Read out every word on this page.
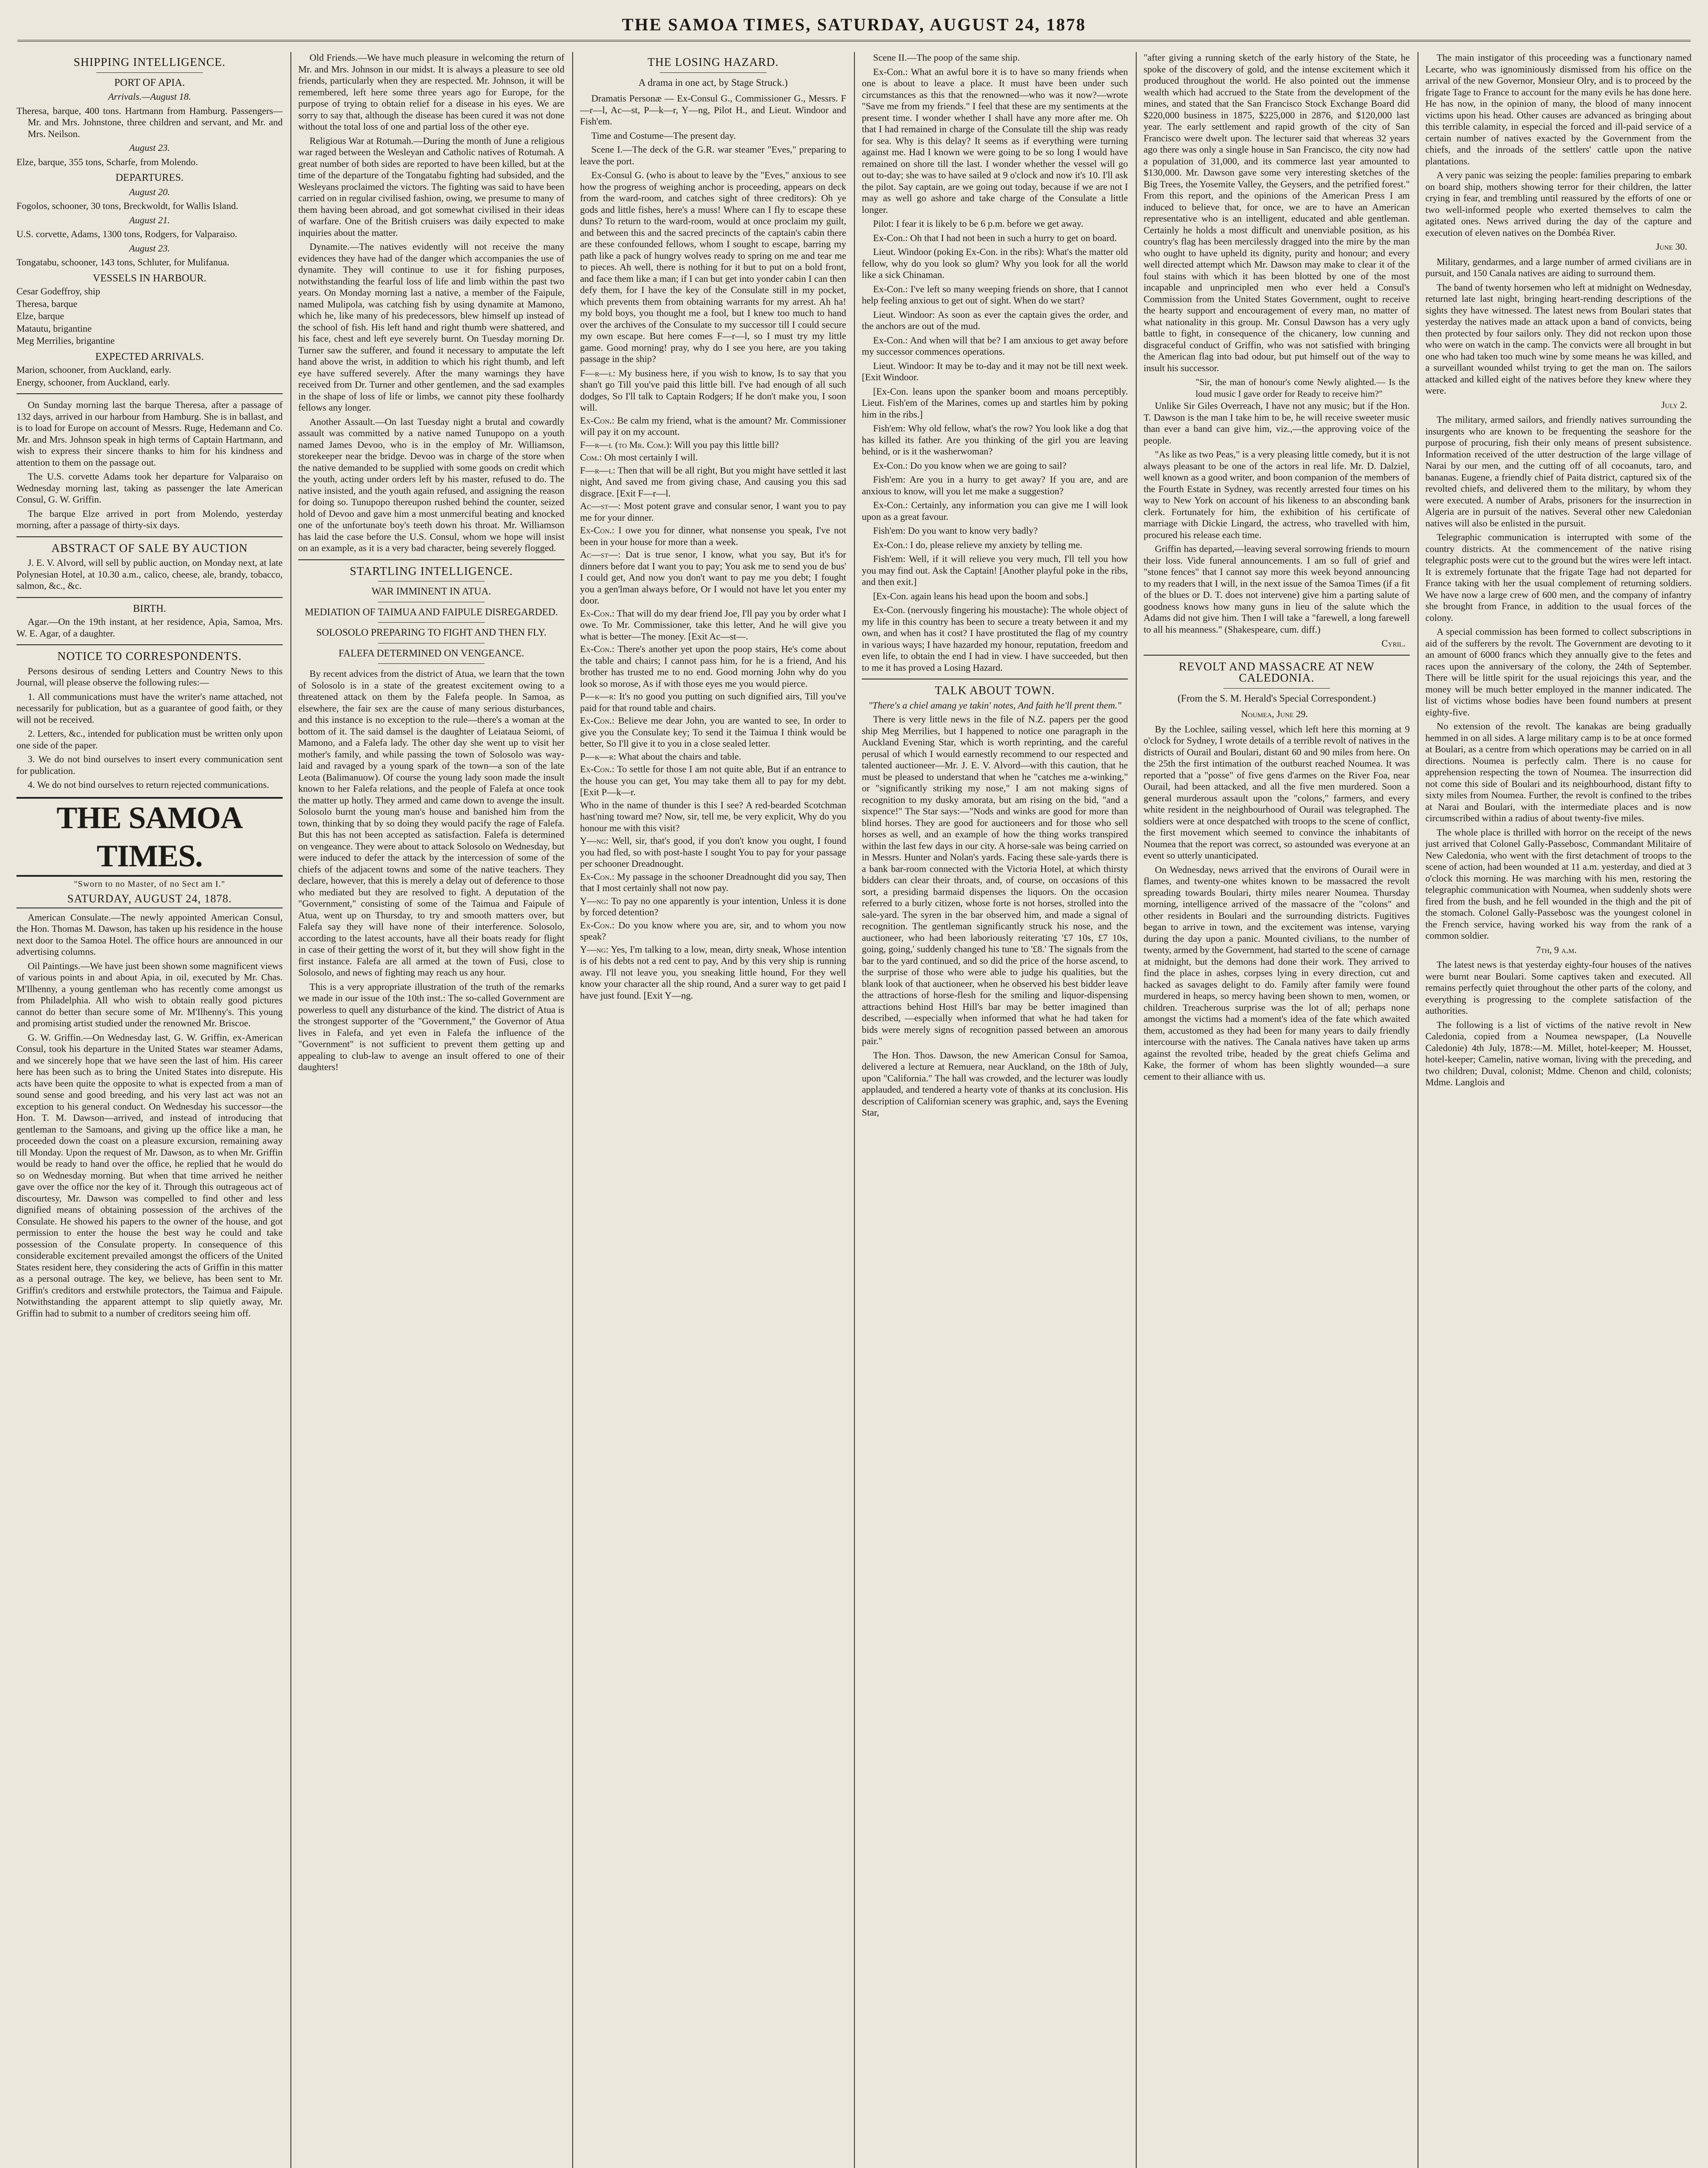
THE SAMOA TIMES, SATURDAY, AUGUST 24, 1878
SHIPPING INTELLIGENCE.
PORT OF APIA.
Arrivals.—August 18.

Theresa, barque, 400 tons. Hartmann from Hamburg. Passengers—Mr. and Mrs. Johnstone, three children and servant, and Mr. and Mrs. Neilson.

August 23.

Elze, barque, 355 tons, Scharfe, from Molendo.

DEPARTURES.
August 20.

Fogolos, schooner, 30 tons, Breckwoldt, for Wallis Island.

August 21.

U.S. corvette, Adams, 1300 tons, Rodgers, for Valparaiso.

August 23.

Tongatabu, schooner, 143 tons, Schluter, for Mulifanua.

VESSELS IN HARBOUR.

Cesar Godeffroy, ship

Theresa, barque

Elze, barque

Matautu, brigantine

Meg Merrilies, brigantine

EXPECTED ARRIVALS.

Marion, schooner, from Auckland, early.

Energy, schooner, from Auckland, early.

On Sunday morning last the barque Theresa, after a passage of 132 days, arrived in our harbour from Hamburg. She is in ballast, and is to load for Europe on account of Messrs. Ruge, Hedemann and Co. Mr. and Mrs. Johnson speak in high terms of Captain Hartmann, and wish to express their sincere thanks to him for his kindness and attention to them on the passage out.

The U.S. corvette Adams took her departure for Valparaiso on Wednesday morning last, taking as passenger the late American Consul, G. W. Griffin.

The barque Elze arrived in port from Molendo, yesterday morning, after a passage of thirty-six days.

ABSTRACT OF SALE BY AUCTION

J. E. V. Alvord, will sell by public auction, on Monday next, at late Polynesian Hotel, at 10.30 a.m., calico, cheese, ale, brandy, tobacco, salmon, &c., &c.

BIRTH.

Agar.—On the 19th instant, at her residence, Apia, Samoa, Mrs. W. E. Agar, of a daughter.

NOTICE TO CORRESPONDENTS.

Persons desirous of sending Letters and Country News to this Journal, will please observe the following rules:—

1. All communications must have the writer's name attached, not necessarily for publication, but as a guarantee of good faith, or they will not be received.

2. Letters, &c., intended for publication must be written only upon one side of the paper.

3. We do not bind ourselves to insert every communication sent for publication.

4. We do not bind ourselves to return rejected communications.

THE SAMOA TIMES.
"Sworn to no Master, of no Sect am I."
SATURDAY, AUGUST 24, 1878.

American Consulate.—The newly appointed American Consul, the Hon. Thomas M. Dawson, has taken up his residence in the house next door to the Samoa Hotel. The office hours are announced in our advertising columns.

Oil Paintings.—We have just been shown some magnificent views of various points in and about Apia, in oil, executed by Mr. Chas. M'Ilhenny, a young gentleman who has recently come amongst us from Philadelphia. All who wish to obtain really good pictures cannot do better than secure some of Mr. M'Ilhenny's. This young and promising artist studied under the renowned Mr. Briscoe.

G. W. Griffin.—On Wednesday last, G. W. Griffin, ex-American Consul, took his departure in the United States war steamer Adams, and we sincerely hope that we have seen the last of him. His career here has been such as to bring the United States into disrepute. His acts have been quite the opposite to what is expected from a man of sound sense and good breeding, and his very last act was not an exception to his general conduct. On Wednesday his successor—the Hon. T. M. Dawson—arrived, and instead of introducing that gentleman to the Samoans, and giving up the office like a man, he proceeded down the coast on a pleasure excursion, remaining away till Monday. Upon the request of Mr. Dawson, as to when Mr. Griffin would be ready to hand over the office, he replied that he would do so on Wednesday morning. But when that time arrived he neither gave over the office nor the key of it. Through this outrageous act of discourtesy, Mr. Dawson was compelled to find other and less dignified means of obtaining possession of the archives of the Consulate. He showed his papers to the owner of the house, and got permission to enter the house the best way he could and take possession of the Consulate property. In consequence of this considerable excitement prevailed amongst the officers of the United States resident here, they considering the acts of Griffin in this matter as a personal outrage. The key, we believe, has been sent to Mr. Griffin's creditors and erstwhile protectors, the Taimua and Faipule. Notwithstanding the apparent attempt to slip quietly away, Mr. Griffin had to submit to a number of creditors seeing him off.

Old Friends.—We have much pleasure in welcoming the return of Mr. and Mrs. Johnson in our midst. It is always a pleasure to see old friends, particularly when they are respected. Mr. Johnson, it will be remembered, left here some three years ago for Europe, for the purpose of trying to obtain relief for a disease in his eyes. We are sorry to say that, although the disease has been cured it was not done without the total loss of one and partial loss of the other eye.

Religious War at Rotumah.—During the month of June a religious war raged between the Wesleyan and Catholic natives of Rotumah. A great number of both sides are reported to have been killed, but at the time of the departure of the Tongatabu fighting had subsided, and the Wesleyans proclaimed the victors. The fighting was said to have been carried on in regular civilised fashion, owing, we presume to many of them having been abroad, and got somewhat civilised in their ideas of warfare. One of the British cruisers was daily expected to make inquiries about the matter.

Dynamite.—The natives evidently will not receive the many evidences they have had of the danger which accompanies the use of dynamite. They will continue to use it for fishing purposes, notwithstanding the fearful loss of life and limb within the past two years. On Monday morning last a native, a member of the Faipule, named Mulipola, was catching fish by using dynamite at Mamono, which he, like many of his predecessors, blew himself up instead of the school of fish. His left hand and right thumb were shattered, and his face, chest and left eye severely burnt. On Tuesday morning Dr. Turner saw the sufferer, and found it necessary to amputate the left hand above the wrist, in addition to which his right thumb, and left eye have suffered severely. After the many warnings they have received from Dr. Turner and other gentlemen, and the sad examples in the shape of loss of life or limbs, we cannot pity these foolhardy fellows any longer.

Another Assault.—On last Tuesday night a brutal and cowardly assault was committed by a native named Tunupopo on a youth named James Devoo, who is in the employ of Mr. Williamson, storekeeper near the bridge. Devoo was in charge of the store when the native demanded to be supplied with some goods on credit which the youth, acting under orders left by his master, refused to do. The native insisted, and the youth again refused, and assigning the reason for doing so. Tunupopo thereupon rushed behind the counter, seized hold of Devoo and gave him a most unmerciful beating and knocked one of the unfortunate boy's teeth down his throat. Mr. Williamson has laid the case before the U.S. Consul, whom we hope will insist on an example, as it is a very bad character, being severely flogged.

STARTLING INTELLIGENCE.
WAR IMMINENT IN ATUA.
MEDIATION OF TAIMUA AND FAIPULE DISREGARDED.
SOLOSOLO PREPARING TO FIGHT AND THEN FLY.
FALEFA DETERMINED ON VENGEANCE.

By recent advices from the district of Atua, we learn that the town of Solosolo is in a state of the greatest excitement owing to a threatened attack on them by the Falefa people. In Samoa, as elsewhere, the fair sex are the cause of many serious disturbances, and this instance is no exception to the rule—there's a woman at the bottom of it. The said damsel is the daughter of Leiataua Seiomi, of Mamono, and a Falefa lady. The other day she went up to visit her mother's family, and while passing the town of Solosolo was way-laid and ravaged by a young spark of the town—a son of the late Leota (Balimanuow). Of course the young lady soon made the insult known to her Falefa relations, and the people of Falefa at once took the matter up hotly. They armed and came down to avenge the insult. Solosolo burnt the young man's house and banished him from the town, thinking that by so doing they would pacify the rage of Falefa. But this has not been accepted as satisfaction. Falefa is determined on vengeance. They were about to attack Solosolo on Wednesday, but were induced to defer the attack by the intercession of some of the chiefs of the adjacent towns and some of the native teachers. They declare, however, that this is merely a delay out of deference to those who mediated but they are resolved to fight. A deputation of the "Government," consisting of some of the Taimua and Faipule of Atua, went up on Thursday, to try and smooth matters over, but Falefa say they will have none of their interference. Solosolo, according to the latest accounts, have all their boats ready for flight in case of their getting the worst of it, but they will show fight in the first instance. Falefa are all armed at the town of Fusi, close to Solosolo, and news of fighting may reach us any hour.

This is a very appropriate illustration of the truth of the remarks we made in our issue of the 10th inst.: The so-called Government are powerless to quell any disturbance of the kind. The district of Atua is the strongest supporter of the "Government," the Governor of Atua lives in Falefa, and yet even in Falefa the influence of the "Government" is not sufficient to prevent them getting up and appealing to club-law to avenge an insult offered to one of their daughters!

THE LOSING HAZARD.
A drama in one act, by Stage Struck.)

Dramatis Personæ — Ex-Consul G., Commissioner G., Messrs. F—r—l, Ac—st, P—k—r, Y—ng, Pilot H., and Lieut. Windoor and Fish'em.

Time and Costume—The present day.

Scene I.—The deck of the G.R. war steamer "Eves," preparing to leave the port.

Ex-Consul G. (who is about to leave by the "Eves," anxious to see how the progress of weighing anchor is proceeding, appears on deck from the ward-room, and catches sight of three creditors): Oh ye gods and little fishes, here's a muss! Where can I fly to escape these duns? To return to the ward-room, would at once proclaim my guilt, and between this and the sacred precincts of the captain's cabin there are these confounded fellows, whom I sought to escape, barring my path like a pack of hungry wolves ready to spring on me and tear me to pieces. Ah well, there is nothing for it but to put on a bold front, and face them like a man; if I can but get into yonder cabin I can then defy them, for I have the key of the Consulate still in my pocket, which prevents them from obtaining warrants for my arrest. Ah ha! my bold boys, you thought me a fool, but I knew too much to hand over the archives of the Consulate to my successor till I could secure my own escape. But here comes F—r—l, so I must try my little game. Good morning! pray, why do I see you here, are you taking passage in the ship?

F—r—l: My business here, if you wish to know, Is to say that you shan't go Till you've paid this little bill. I've had enough of all such dodges, So I'll talk to Captain Rodgers; If he don't make you, I soon will.

Ex-Con.: Be calm my friend, what is the amount? Mr. Commissioner will pay it on my account.

F—r—l (to Mr. Com.): Will you pay this little bill?

Com.: Oh most certainly I will.

F—r—l: Then that will be all right, But you might have settled it last night, And saved me from giving chase, And causing you this sad disgrace. [Exit F—r—l.

Ac—st—: Most potent grave and consular senor, I want you to pay me for your dinner.

Ex-Con.: I owe you for dinner, what nonsense you speak, I've not been in your house for more than a week.

Ac—st—: Dat is true senor, I know, what you say, But it's for dinners before dat I want you to pay; You ask me to send you de bus' I could get, And now you don't want to pay me you debt; I fought you a gen'lman always before, Or I would not have let you enter my door.

Ex-Con.: That will do my dear friend Joe, I'll pay you by order what I owe. To Mr. Commissioner, take this letter, And he will give you what is better—The money. [Exit Ac—st—.

Ex-Con.: There's another yet upon the poop stairs, He's come about the table and chairs; I cannot pass him, for he is a friend, And his brother has trusted me to no end. Good morning John why do you look so morose, As if with those eyes me you would pierce.

P—k—r: It's no good you putting on such dignified airs, Till you've paid for that round table and chairs.

Ex-Con.: Believe me dear John, you are wanted to see, In order to give you the Consulate key; To send it the Taimua I think would be better, So I'll give it to you in a close sealed letter.

P—k—r: What about the chairs and table.

Ex-Con.: To settle for those I am not quite able, But if an entrance to the house you can get, You may take them all to pay for my debt. [Exit P—k—r.

Who in the name of thunder is this I see? A red-bearded Scotchman hast'ning toward me? Now, sir, tell me, be very explicit, Why do you honour me with this visit?

Y—ng: Well, sir, that's good, if you don't know you ought, I found you had fled, so with post-haste I sought You to pay for your passage per schooner Dreadnought.

Ex-Con.: My passage in the schooner Dreadnought did you say, Then that I most certainly shall not now pay.

Y—ng: To pay no one apparently is your intention, Unless it is done by forced detention?

Ex-Con.: Do you know where you are, sir, and to whom you now speak?

Y—ng: Yes, I'm talking to a low, mean, dirty sneak, Whose intention is of his debts not a red cent to pay, And by this very ship is running away. I'll not leave you, you sneaking little hound, For they well know your character all the ship round, And a surer way to get paid I have just found. [Exit Y—ng.

Scene II.—The poop of the same ship.

Ex-Con.: What an awful bore it is to have so many friends when one is about to leave a place. It must have been under such circumstances as this that the renowned—who was it now?—wrote "Save me from my friends." I feel that these are my sentiments at the present time. I wonder whether I shall have any more after me. Oh that I had remained in charge of the Consulate till the ship was ready for sea. Why is this delay? It seems as if everything were turning against me. Had I known we were going to be so long I would have remained on shore till the last. I wonder whether the vessel will go out to-day; she was to have sailed at 9 o'clock and now it's 10. I'll ask the pilot. Say captain, are we going out today, because if we are not I may as well go ashore and take charge of the Consulate a little longer.

Pilot: I fear it is likely to be 6 p.m. before we get away.

Ex-Con.: Oh that I had not been in such a hurry to get on board.

Lieut. Windoor (poking Ex-Con. in the ribs): What's the matter old fellow, why do you look so glum? Why you look for all the world like a sick Chinaman.

Ex-Con.: I've left so many weeping friends on shore, that I cannot help feeling anxious to get out of sight. When do we start?

Lieut. Windoor: As soon as ever the captain gives the order, and the anchors are out of the mud.

Ex-Con.: And when will that be? I am anxious to get away before my successor commences operations.

Lieut. Windoor: It may be to-day and it may not be till next week. [Exit Windoor.

[Ex-Con. leans upon the spanker boom and moans perceptibly. Lieut. Fish'em of the Marines, comes up and startles him by poking him in the ribs.]

Fish'em: Why old fellow, what's the row? You look like a dog that has killed its father. Are you thinking of the girl you are leaving behind, or is it the washerwoman?

Ex-Con.: Do you know when we are going to sail?

Fish'em: Are you in a hurry to get away? If you are, and are anxious to know, will you let me make a suggestion?

Ex-Con.: Certainly, any information you can give me I will look upon as a great favour.

Fish'em: Do you want to know very badly?

Ex-Con.: I do, please relieve my anxiety by telling me.

Fish'em: Well, if it will relieve you very much, I'll tell you how you may find out. Ask the Captain! [Another playful poke in the ribs, and then exit.]

[Ex-Con. again leans his head upon the boom and sobs.]

Ex-Con. (nervously fingering his moustache): The whole object of my life in this country has been to secure a treaty between it and my own, and when has it cost? I have prostituted the flag of my country in various ways; I have hazarded my honour, reputation, freedom and even life, to obtain the end I had in view. I have succeeded, but then to me it has proved a Losing Hazard.

TALK ABOUT TOWN.
"There's a chiel amang ye takin' notes, And faith he'll prent them."

There is very little news in the file of N.Z. papers per the good ship Meg Merrilies, but I happened to notice one paragraph in the Auckland Evening Star, which is worth reprinting, and the careful perusal of which I would earnestly recommend to our respected and talented auctioneer—Mr. J. E. V. Alvord—with this caution, that he must be pleased to understand that when he "catches me a-winking," or "significantly striking my nose," I am not making signs of recognition to my dusky amorata, but am rising on the bid, "and a sixpence!" The Star says:—"Nods and winks are good for more than blind horses. They are good for auctioneers and for those who sell horses as well, and an example of how the thing works transpired within the last few days in our city. A horse-sale was being carried on in Messrs. Hunter and Nolan's yards. Facing these sale-yards there is a bank bar-room connected with the Victoria Hotel, at which thirsty bidders can clear their throats, and, of course, on occasions of this sort, a presiding barmaid dispenses the liquors. On the occasion referred to a burly citizen, whose forte is not horses, strolled into the sale-yard. The syren in the bar observed him, and made a signal of recognition. The gentleman significantly struck his nose, and the auctioneer, who had been laboriously reiterating '£7 10s, £7 10s, going, going,' suddenly changed his tune to '£8.' The signals from the bar to the yard continued, and so did the price of the horse ascend, to the surprise of those who were able to judge his qualities, but the blank look of that auctioneer, when he observed his best bidder leave the attractions of horse-flesh for the smiling and liquor-dispensing attractions behind Host Hill's bar may be better imagined than described, —especially when informed that what he had taken for bids were merely signs of recognition passed between an amorous pair."

The Hon. Thos. Dawson, the new American Consul for Samoa, delivered a lecture at Remuera, near Auckland, on the 18th of July, upon "California." The hall was crowded, and the lecturer was loudly applauded, and tendered a hearty vote of thanks at its conclusion. His description of Californian scenery was graphic, and, says the Evening Star,

"after giving a running sketch of the early history of the State, he spoke of the discovery of gold, and the intense excitement which it produced throughout the world. He also pointed out the immense wealth which had accrued to the State from the development of the mines, and stated that the San Francisco Stock Exchange Board did $220,000 business in 1875, $225,000 in 2876, and $120,000 last year. The early settlement and rapid growth of the city of San Francisco were dwelt upon. The lecturer said that whereas 32 years ago there was only a single house in San Francisco, the city now had a population of 31,000, and its commerce last year amounted to $130,000. Mr. Dawson gave some very interesting sketches of the Big Trees, the Yosemite Valley, the Geysers, and the petrified forest." From this report, and the opinions of the American Press I am induced to believe that, for once, we are to have an American representative who is an intelligent, educated and able gentleman. Certainly he holds a most difficult and unenviable position, as his country's flag has been mercilessly dragged into the mire by the man who ought to have upheld its dignity, purity and honour; and every well directed attempt which Mr. Dawson may make to clear it of the foul stains with which it has been blotted by one of the most incapable and unprincipled men who ever held a Consul's Commission from the United States Government, ought to receive the hearty support and encouragement of every man, no matter of what nationality in this group. Mr. Consul Dawson has a very ugly battle to fight, in consequence of the chicanery, low cunning and disgraceful conduct of Griffin, who was not satisfied with bringing the American flag into bad odour, but put himself out of the way to insult his successor.

"Sir, the man of honour's come Newly alighted.— Is the loud music I gave order for Ready to receive him?"

Unlike Sir Giles Overreach, I have not any music; but if the Hon. T. Dawson is the man I take him to be, he will receive sweeter music than ever a band can give him, viz.,—the approving voice of the people.

"As like as two Peas," is a very pleasing little comedy, but it is not always pleasant to be one of the actors in real life. Mr. D. Dalziel, well known as a good writer, and boon companion of the members of the Fourth Estate in Sydney, was recently arrested four times on his way to New York on account of his likeness to an absconding bank clerk. Fortunately for him, the exhibition of his certificate of marriage with Dickie Lingard, the actress, who travelled with him, procured his release each time.

Griffin has departed,—leaving several sorrowing friends to mourn their loss. Vide funeral announcements. I am so full of grief and "stone fences" that I cannot say more this week beyond announcing to my readers that I will, in the next issue of the Samoa Times (if a fit of the blues or D. T. does not intervene) give him a parting salute of goodness knows how many guns in lieu of the salute which the Adams did not give him. Then I will take a "farewell, a long farewell to all his meanness." (Shakespeare, cum. diff.)

Cyril.
REVOLT AND MASSACRE AT NEW CALEDONIA.
(From the S. M. Herald's Special Correspondent.)
Noumea, June 29.

By the Lochlee, sailing vessel, which left here this morning at 9 o'clock for Sydney, I wrote details of a terrible revolt of natives in the districts of Ourail and Boulari, distant 60 and 90 miles from here. On the 25th the first intimation of the outburst reached Noumea. It was reported that a "posse" of five gens d'armes on the River Foa, near Ourail, had been attacked, and all the five men murdered. Soon a general murderous assault upon the "colons," farmers, and every white resident in the neighbourhood of Ourail was telegraphed. The soldiers were at once despatched with troops to the scene of conflict, the first movement which seemed to convince the inhabitants of Noumea that the report was correct, so astounded was everyone at an event so utterly unanticipated.

On Wednesday, news arrived that the environs of Ourail were in flames, and twenty-one whites known to be massacred the revolt spreading towards Boulari, thirty miles nearer Noumea. Thursday morning, intelligence arrived of the massacre of the "colons" and other residents in Boulari and the surrounding districts. Fugitives began to arrive in town, and the excitement was intense, varying during the day upon a panic. Mounted civilians, to the number of twenty, armed by the Government, had started to the scene of carnage at midnight, but the demons had done their work. They arrived to find the place in ashes, corpses lying in every direction, cut and hacked as savages delight to do. Family after family were found murdered in heaps, so mercy having been shown to men, women, or children. Treacherous surprise was the lot of all; perhaps none amongst the victims had a moment's idea of the fate which awaited them, accustomed as they had been for many years to daily friendly intercourse with the natives. The Canala natives have taken up arms against the revolted tribe, headed by the great chiefs Gelima and Kake, the former of whom has been slightly wounded—a sure cement to their alliance with us.

The main instigator of this proceeding was a functionary named Lecarte, who was ignominiously dismissed from his office on the arrival of the new Governor, Monsieur Olry, and is to proceed by the frigate Tage to France to account for the many evils he has done here. He has now, in the opinion of many, the blood of many innocent victims upon his head. Other causes are advanced as bringing about this terrible calamity, in especial the forced and ill-paid service of a certain number of natives exacted by the Government from the chiefs, and the inroads of the settlers' cattle upon the native plantations.

A very panic was seizing the people: families preparing to embark on board ship, mothers showing terror for their children, the latter crying in fear, and trembling until reassured by the efforts of one or two well-informed people who exerted themselves to calm the agitated ones. News arrived during the day of the capture and execution of eleven natives on the Dombéa River.

June 30.

Military, gendarmes, and a large number of armed civilians are in pursuit, and 150 Canala natives are aiding to surround them.

The band of twenty horsemen who left at midnight on Wednesday, returned late last night, bringing heart-rending descriptions of the sights they have witnessed. The latest news from Boulari states that yesterday the natives made an attack upon a band of convicts, being then protected by four sailors only. They did not reckon upon those who were on watch in the camp. The convicts were all brought in but one who had taken too much wine by some means he was killed, and a surveillant wounded whilst trying to get the man on. The sailors attacked and killed eight of the natives before they knew where they were.

July 2.

The military, armed sailors, and friendly natives surrounding the insurgents who are known to be frequenting the seashore for the purpose of procuring, fish their only means of present subsistence. Information received of the utter destruction of the large village of Narai by our men, and the cutting off of all cocoanuts, taro, and bananas. Eugene, a friendly chief of Paita district, captured six of the revolted chiefs, and delivered them to the military, by whom they were executed. A number of Arabs, prisoners for the insurrection in Algeria are in pursuit of the natives. Several other new Caledonian natives will also be enlisted in the pursuit.

Telegraphic communication is interrupted with some of the country districts. At the commencement of the native rising telegraphic posts were cut to the ground but the wires were left intact. It is extremely fortunate that the frigate Tage had not departed for France taking with her the usual complement of returning soldiers. We have now a large crew of 600 men, and the company of infantry she brought from France, in addition to the usual forces of the colony.

A special commission has been formed to collect subscriptions in aid of the sufferers by the revolt. The Government are devoting to it an amount of 6000 francs which they annually give to the fetes and races upon the anniversary of the colony, the 24th of September. There will be little spirit for the usual rejoicings this year, and the money will be much better employed in the manner indicated. The list of victims whose bodies have been found numbers at present eighty-five.

No extension of the revolt. The kanakas are being gradually hemmed in on all sides. A large military camp is to be at once formed at Boulari, as a centre from which operations may be carried on in all directions. Noumea is perfectly calm. There is no cause for apprehension respecting the town of Noumea. The insurrection did not come this side of Boulari and its neighbourhood, distant fifty to sixty miles from Noumea. Further, the revolt is confined to the tribes at Narai and Boulari, with the intermediate places and is now circumscribed within a radius of about twenty-five miles.

The whole place is thrilled with horror on the receipt of the news just arrived that Colonel Gally-Passebosc, Commandant Militaire of New Caledonia, who went with the first detachment of troops to the scene of action, had been wounded at 11 a.m. yesterday, and died at 3 o'clock this morning. He was marching with his men, restoring the telegraphic communication with Noumea, when suddenly shots were fired from the bush, and he fell wounded in the thigh and the pit of the stomach. Colonel Gally-Passebosc was the youngest colonel in the French service, having worked his way from the rank of a common soldier.

7th, 9 a.m.

The latest news is that yesterday eighty-four houses of the natives were burnt near Boulari. Some captives taken and executed. All remains perfectly quiet throughout the other parts of the colony, and everything is progressing to the complete satisfaction of the authorities.

The following is a list of victims of the native revolt in New Caledonia, copied from a Noumea newspaper, (La Nouvelle Caledonie) 4th July, 1878:—M. Millet, hotel-keeper; M. Housset, hotel-keeper; Camelin, native woman, living with the preceding, and two children; Duval, colonist; Mdme. Chenon and child, colonists; Mdme. Langlois and
